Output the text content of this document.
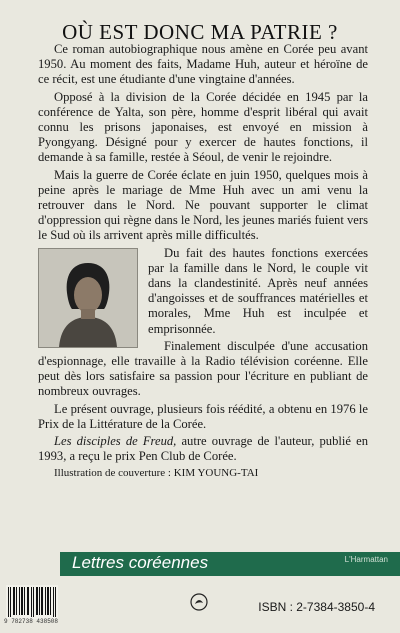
OÙ EST DONC MA PATRIE ?

Ce roman autobiographique nous amène en Corée peu avant 1950. Au moment des faits, Madame Huh, auteur et héroïne de ce récit, est une étudiante d'une vingtaine d'années.

Opposé à la division de la Corée décidée en 1945 par la conférence de Yalta, son père, homme d'esprit libéral qui avait connu les prisons japonaises, est envoyé en mission à Pyongyang. Désigné pour y exercer de hautes fonctions, il demande à sa famille, restée à Séoul, de venir le rejoindre.

Mais la guerre de Corée éclate en juin 1950, quelques mois à peine après le mariage de Mme Huh avec un ami venu la retrouver dans le Nord. Ne pouvant supporter le climat d'oppression qui règne dans le Nord, les jeunes mariés fuient vers le Sud où ils arrivent après mille difficultés.

Du fait des hautes fonctions exercées par la famille dans le Nord, le couple vit dans la clandestinité. Après neuf années d'angoisses et de souffrances matérielles et morales, Mme Huh est inculpée et emprisonnée.

Finalement disculpée d'une accusation d'espionnage, elle travaille à la Radio télévision coréenne. Elle peut dès lors satisfaire sa passion pour l'écriture en publiant de nombreux ouvrages.

Le présent ouvrage, plusieurs fois réédité, a obtenu en 1976 le Prix de la Littérature de la Corée.

Les disciples de Freud, autre ouvrage de l'auteur, publié en 1993, a reçu le prix Pen Club de Corée.

Illustration de couverture : KIM YOUNG-TAI

Lettres coréennes	L'Harmattan
9 782738 438508
ISBN : 2-7384-3850-4
